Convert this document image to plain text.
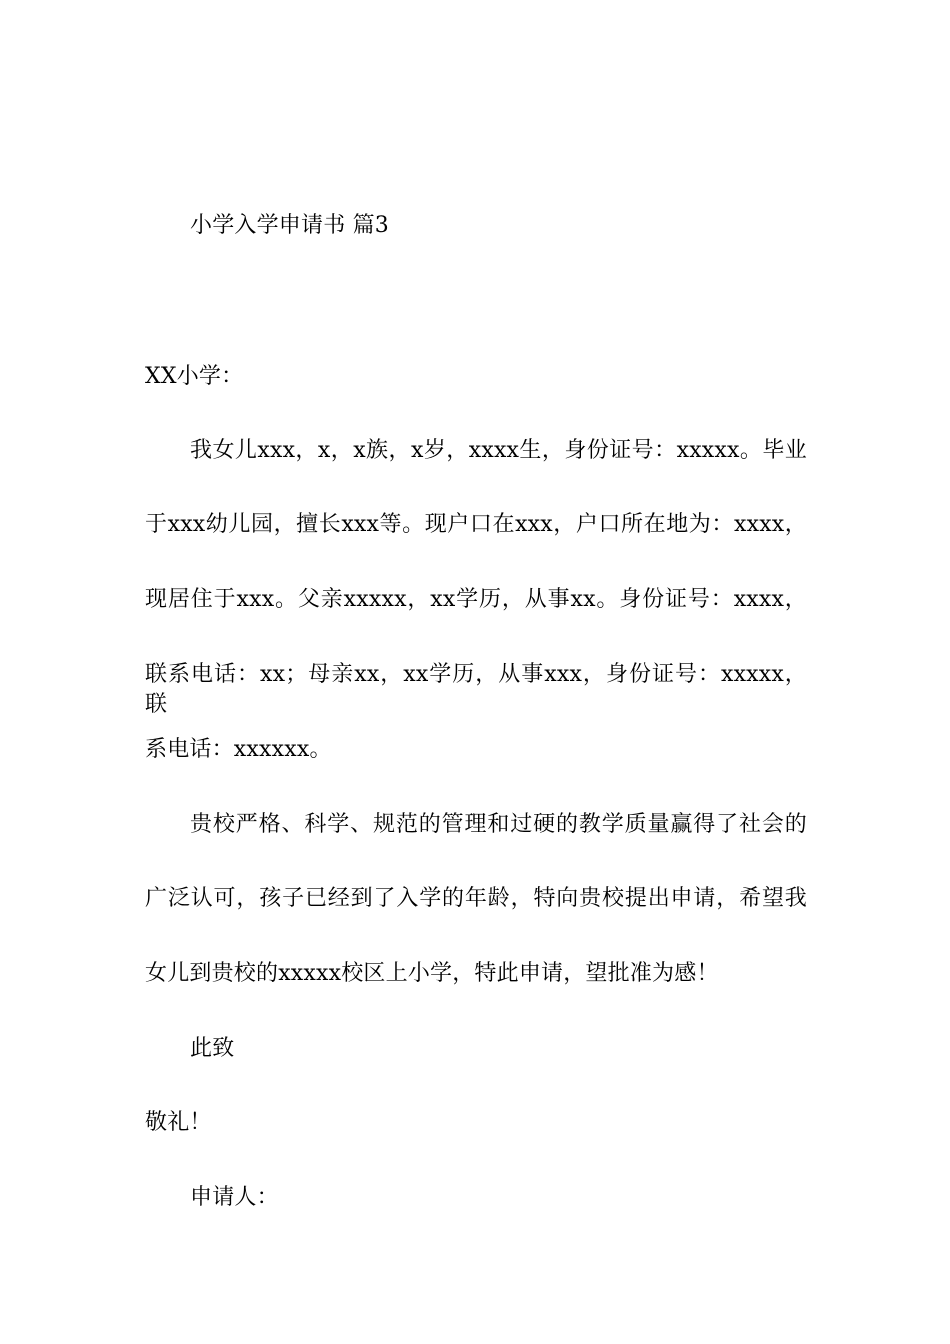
小学入学申请书 篇3
XX小学：
我女儿xxx，x，x族，x岁，xxxx生，身份证号：xxxxx。毕业
于xxx幼儿园，擅长xxx等。现户口在xxx，户口所在地为：xxxx，
现居住于xxx。父亲xxxxx，xx学历，从事xx。身份证号：xxxx，
联系电话：xx；母亲xx，xx学历，从事xxx，身份证号：xxxxx，联
系电话：xxxxxx。
贵校严格、科学、规范的管理和过硬的教学质量赢得了社会的
广泛认可，孩子已经到了入学的年龄，特向贵校提出申请，希望我
女儿到贵校的xxxxx校区上小学，特此申请，望批准为感！
此致
敬礼！
申请人：
